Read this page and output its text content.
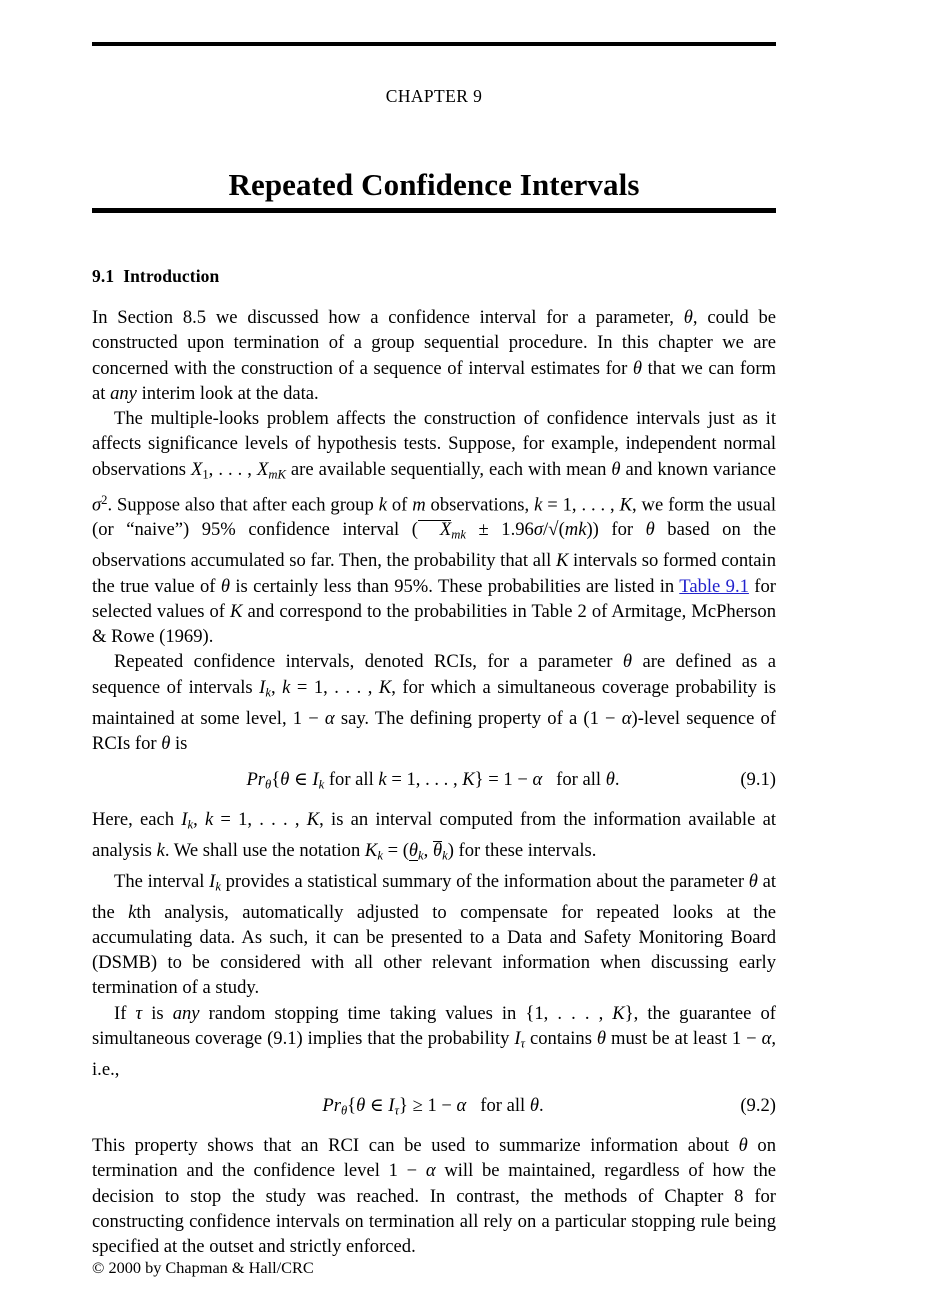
CHAPTER 9
Repeated Confidence Intervals
9.1 Introduction

In Section 8.5 we discussed how a confidence interval for a parameter, θ, could be constructed upon termination of a group sequential procedure. In this chapter we are concerned with the construction of a sequence of interval estimates for θ that we can form at any interim look at the data.

The multiple-looks problem affects the construction of confidence intervals just as it affects significance levels of hypothesis tests. Suppose, for example, independent normal observations $X_1$, . . . , $X_{mK}$ are available sequentially, each with mean θ and known variance $\sigma^2$. Suppose also that after each group k of m observations, k = 1, . . . , K, we form the usual (or “naive”) 95% confidence interval ( $X_{mk} \pm 1.96\sigma/√(mk)$) for θ based on the observations accumulated so far. Then, the probability that all K intervals so formed contain the true value of θ is certainly less than 95%. These probabilities are listed in Table 9.1 for selected values of K and correspond to the probabilities in Table 2 of Armitage, McPherson & Rowe (1969).

Repeated confidence intervals, denoted RCIs, for a parameter θ are defined as a sequence of intervals $I_k$, k = 1, . . . , K, for which a simultaneous coverage probability is maintained at some level, 1 − α say. The defining property of a (1 − α)-level sequence of RCIs for θ is

$Pr_\theta\{\theta$ ∈ $I_k$ for all k = 1, . . . , K} = 1 − α   for all θ.	(9.1)

Here, each $I_k$, k = 1, . . . , K, is an interval computed from the information available at analysis k. We shall use the notation K$_k$ = ($\theta_k$, $\theta_k$) for these intervals.

The interval $I_k$ provides a statistical summary of the information about the parameter θ at the kth analysis, automatically adjusted to compensate for repeated looks at the accumulating data. As such, it can be presented to a Data and Safety Monitoring Board (DSMB) to be considered with all other relevant information when discussing early termination of a study.

If τ is any random stopping time taking values in {1, . . . , K}, the guarantee of simultaneous coverage (9.1) implies that the probability $I_\tau$ contains θ must be at least 1 − α, i.e.,

$Pr_\theta\{\theta$ ∈ $I_\tau\} \ge 1 - \alpha$   for all θ.	(9.2)

This property shows that an RCI can be used to summarize information about θ on termination and the confidence level 1 − α will be maintained, regardless of how the decision to stop the study was reached. In contrast, the methods of Chapter 8 for constructing confidence intervals on termination all rely on a particular stopping rule being specified at the outset and strictly enforced.

© 2000 by Chapman & Hall/CRC
